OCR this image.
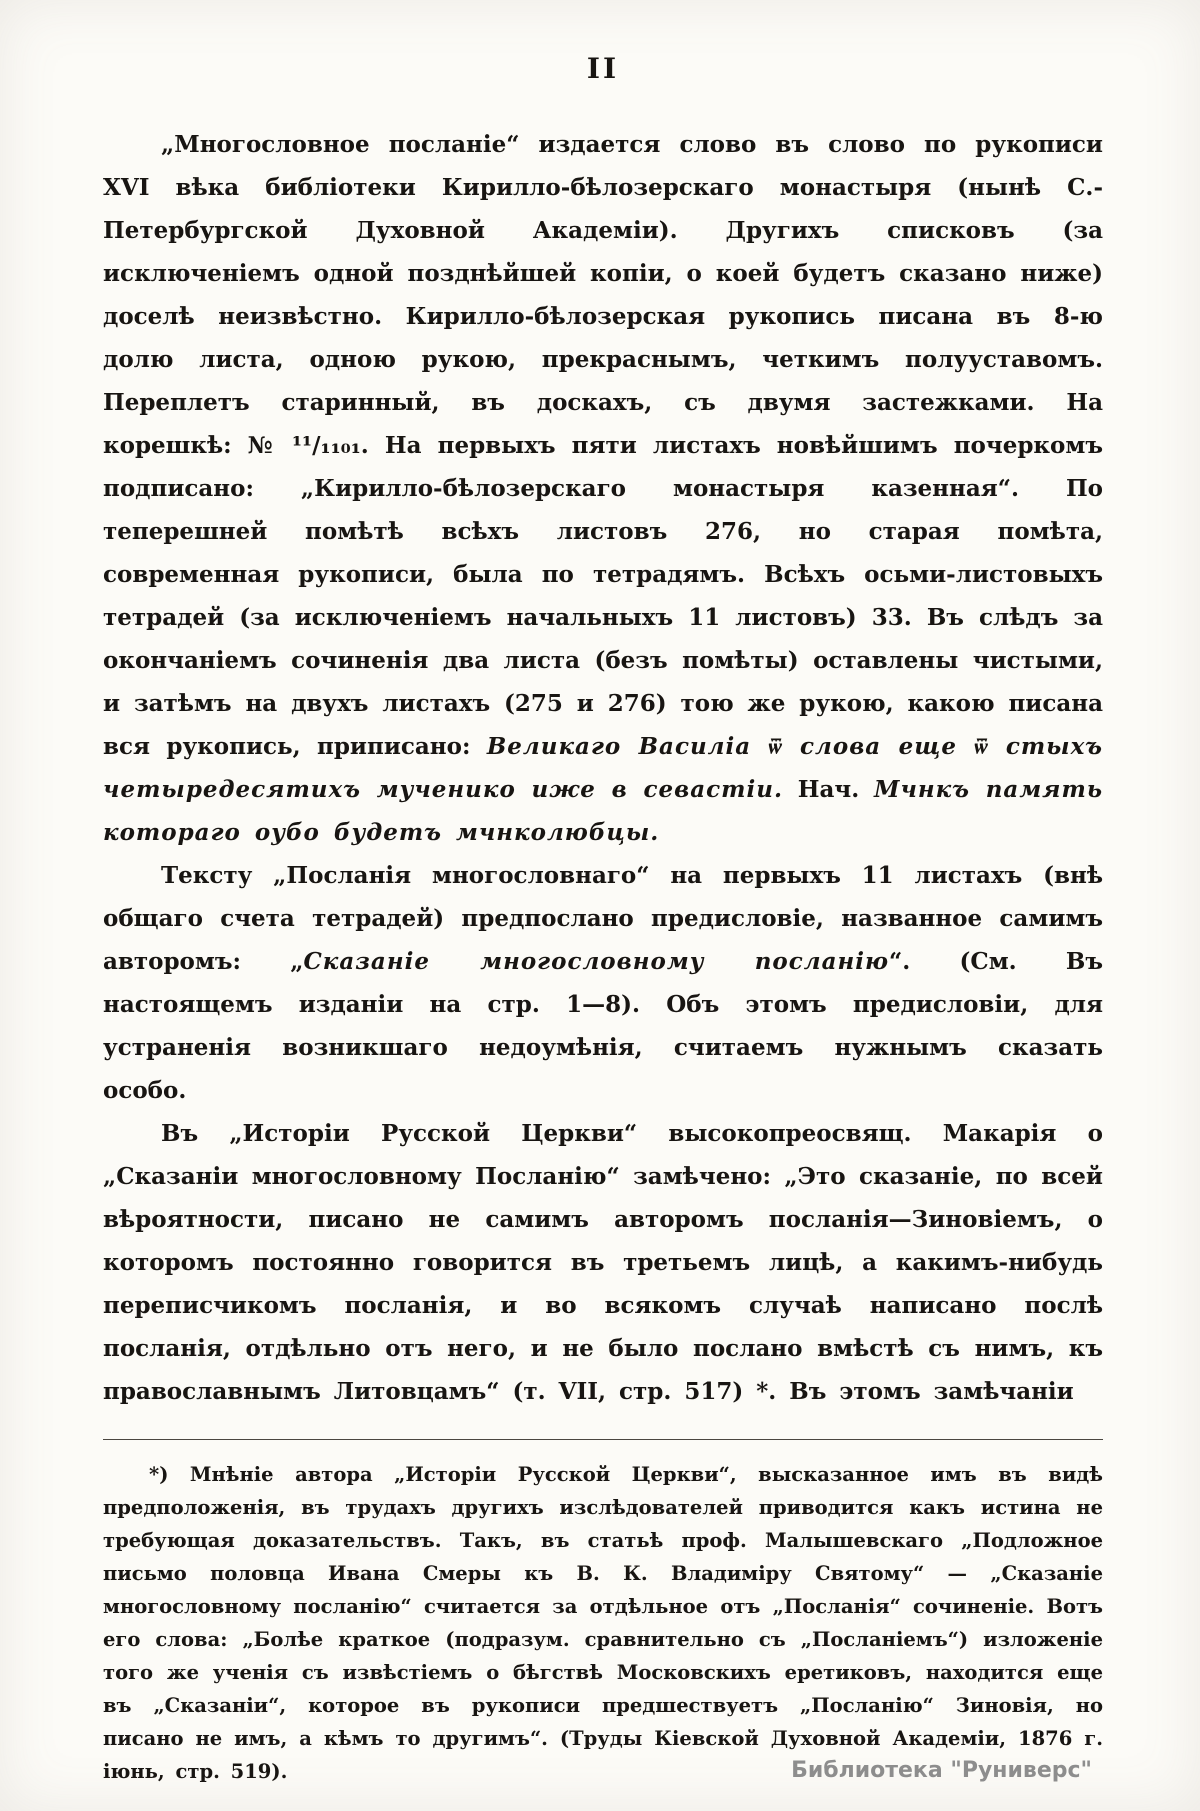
II

„Многословное посланіе“ издается слово въ слово по рукописи XVI вѣка библіотеки Кирилло-бѣлозерскаго монастыря (нынѣ С.-Петербургской Духовной Академіи). Другихъ списковъ (за исключеніемъ одной позднѣйшей копіи, о коей будетъ сказано ниже) доселѣ неизвѣстно. Кирилло-бѣлозерская рукопись писана въ 8-ю долю листа, одною рукою, прекраснымъ, четкимъ полууставомъ. Переплетъ старинный, въ доскахъ, съ двумя застежками. На корешкѣ: № ¹¹/₁₁₀₁. На первыхъ пяти листахъ новѣйшимъ почеркомъ подписано: „Кирилло-бѣлозерскаго монастыря казенная“. По теперешней помѣтѣ всѣхъ листовъ 276, но старая помѣта, современная рукописи, была по тетрадямъ. Всѣхъ осьми-листовыхъ тетрадей (за исключеніемъ начальныхъ 11 листовъ) 33. Въ слѣдъ за окончаніемъ сочиненія два листа (безъ помѣты) оставлены чистыми, и затѣмъ на двухъ листахъ (275 и 276) тою же рукою, какою писана вся рукопись, приписано: Великаго Василіа ѿ слова еще ѿ стыхъ четыредесятихъ мученико иже в севастіи. Нач. Мчнкъ память котораго оубо будетъ мчнколюбцы.

Тексту „Посланія многословнаго“ на первыхъ 11 листахъ (внѣ общаго счета тетрадей) предпослано предисловіе, названное самимъ авторомъ: „Сказаніе многословному посланію“. (См. Въ настоящемъ изданіи на стр. 1—8). Объ этомъ предисловіи, для устраненія возникшаго недоумѣнія, считаемъ нужнымъ сказать особо.

Въ „Исторіи Русской Церкви“ высокопреосвящ. Макарія о „Сказаніи многословному Посланію“ замѣчено: „Это сказаніе, по всей вѣроятности, писано не самимъ авторомъ посланія—Зиновіемъ, о которомъ постоянно говорится въ третьемъ лицѣ, а какимъ-нибудь переписчикомъ посланія, и во всякомъ случаѣ написано послѣ посланія, отдѣльно отъ него, и не было послано вмѣстѣ съ нимъ, къ православнымъ Литовцамъ“ (т. VII, стр. 517) *. Въ этомъ замѣчаніи

*) Мнѣніе автора „Исторіи Русской Церкви“, высказанное имъ въ видѣ предположенія, въ трудахъ другихъ изслѣдователей приводится какъ истина не требующая доказательствъ. Такъ, въ статьѣ проф. Малышевскаго „Подложное письмо половца Ивана Смеры къ В. К. Владиміру Святому“ — „Сказаніе многословному посланію“ считается за отдѣльное отъ „Посланія“ сочиненіе. Вотъ его слова: „Болѣе краткое (подразум. сравнительно съ „Посланіемъ“) изложеніе того же ученія съ извѣстіемъ о бѣгствѣ Московскихъ еретиковъ, находится еще въ „Сказаніи“, которое въ рукописи предшествуетъ „Посланію“ Зиновія, но писано не имъ, а кѣмъ то другимъ“. (Труды Кіевской Духовной Академіи, 1876 г. іюнь, стр. 519).	Библиотека "Руниверс"
